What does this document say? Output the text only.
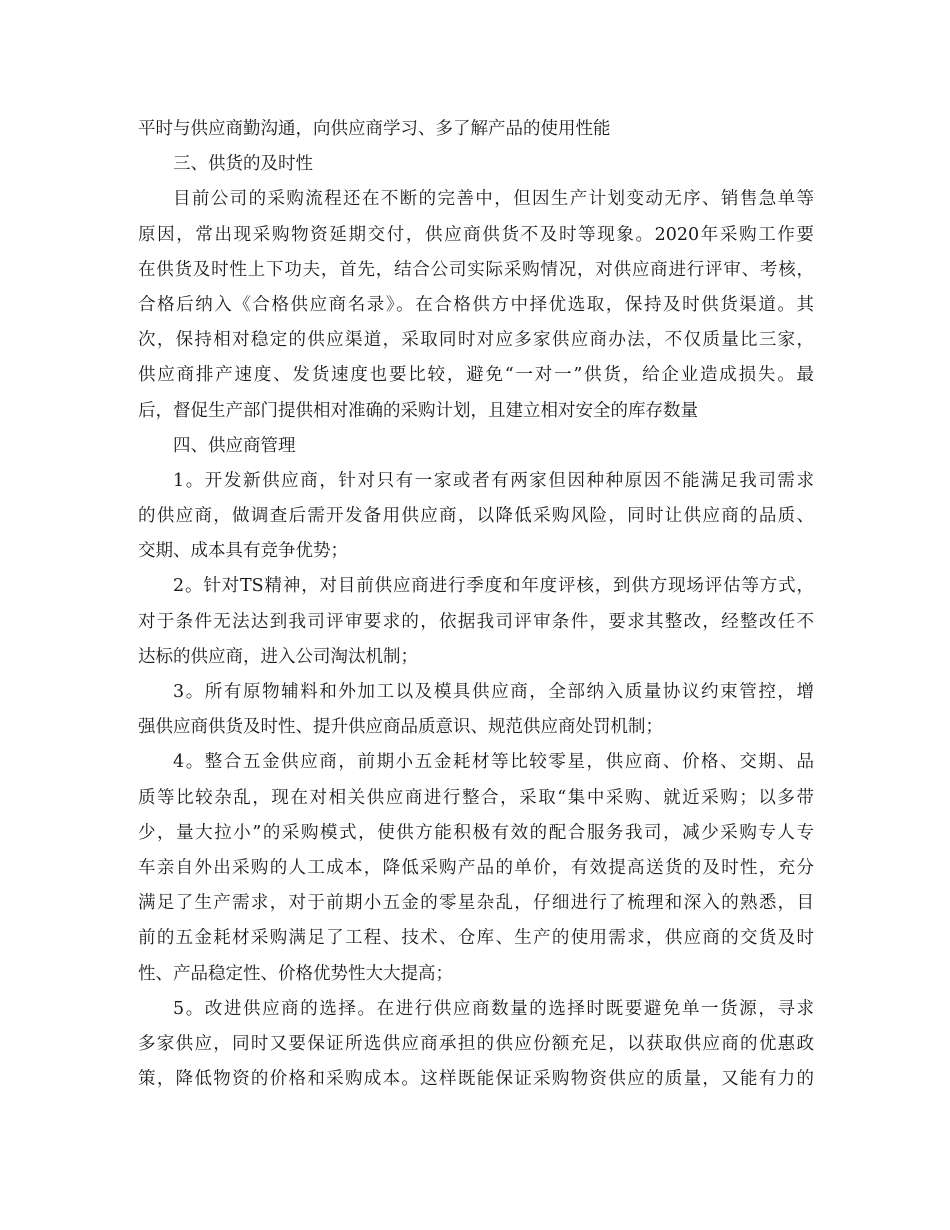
平时与供应商勤沟通，向供应商学习、多了解产品的使用性能
三、供货的及时性
目前公司的采购流程还在不断的完善中，但因生产计划变动无序、销售急单等
原因，常出现采购物资延期交付，供应商供货不及时等现象。2020年采购工作要
在供货及时性上下功夫，首先，结合公司实际采购情况，对供应商进行评审、考核，
合格后纳入《合格供应商名录》。在合格供方中择优选取，保持及时供货渠道。其
次，保持相对稳定的供应渠道，采取同时对应多家供应商办法，不仅质量比三家，
供应商排产速度、发货速度也要比较，避免“一对一”供货，给企业造成损失。最
后，督促生产部门提供相对准确的采购计划，且建立相对安全的库存数量
四、供应商管理
1。开发新供应商，针对只有一家或者有两家但因种种原因不能满足我司需求
的供应商，做调查后需开发备用供应商，以降低采购风险，同时让供应商的品质、
交期、成本具有竞争优势；
2。针对TS精神，对目前供应商进行季度和年度评核，到供方现场评估等方式，
对于条件无法达到我司评审要求的，依据我司评审条件，要求其整改，经整改任不
达标的供应商，进入公司淘汰机制；
3。所有原物辅料和外加工以及模具供应商，全部纳入质量协议约束管控，增
强供应商供货及时性、提升供应商品质意识、规范供应商处罚机制；
4。整合五金供应商，前期小五金耗材等比较零星，供应商、价格、交期、品
质等比较杂乱，现在对相关供应商进行整合，采取“集中采购、就近采购；以多带
少，量大拉小”的采购模式，使供方能积极有效的配合服务我司，减少采购专人专
车亲自外出采购的人工成本，降低采购产品的单价，有效提高送货的及时性，充分
满足了生产需求，对于前期小五金的零星杂乱，仔细进行了梳理和深入的熟悉，目
前的五金耗材采购满足了工程、技术、仓库、生产的使用需求，供应商的交货及时
性、产品稳定性、价格优势性大大提高；
5。改进供应商的选择。在进行供应商数量的选择时既要避免单一货源，寻求
多家供应，同时又要保证所选供应商承担的供应份额充足，以获取供应商的优惠政
策，降低物资的价格和采购成本。这样既能保证采购物资供应的质量，又能有力的
